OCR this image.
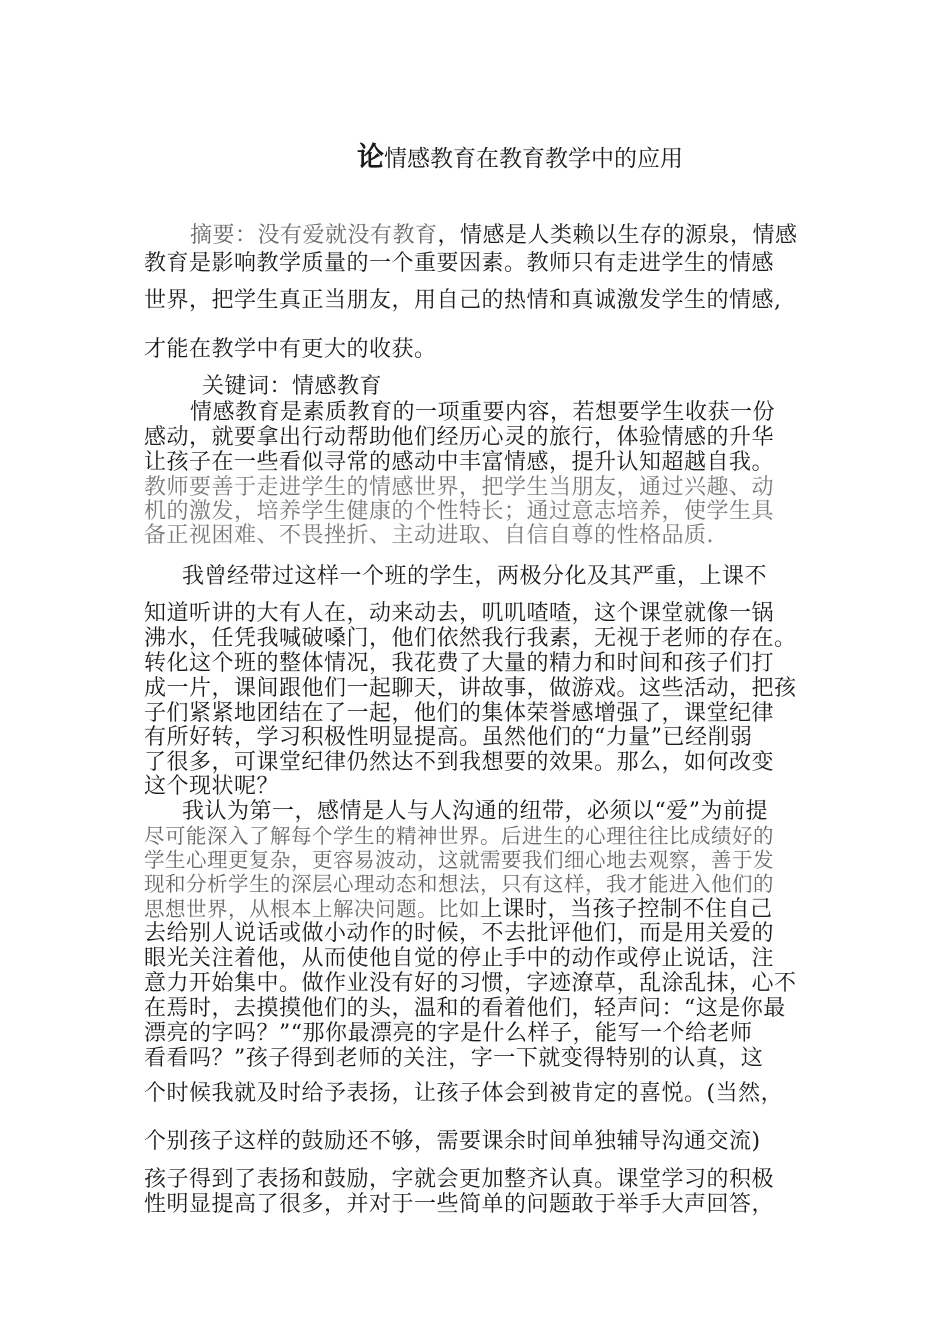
论情感教育在教育教学中的应用
摘要：没有爱就没有教育，情感是人类赖以生存的源泉，情感
教育是影响教学质量的一个重要因素。教师只有走进学生的情感
世界，把学生真正当朋友，用自己的热情和真诚激发学生的情感,
才能在教学中有更大的收获。
关键词：情感教育
情感教育是素质教育的一项重要内容，若想要学生收获一份
感动，就要拿出行动帮助他们经历心灵的旅行，体验情感的升华
让孩子在一些看似寻常的感动中丰富情感，提升认知超越自我。
教师要善于走进学生的情感世界，把学生当朋友，通过兴趣、动
机的激发，培养学生健康的个性特长；通过意志培养，使学生具
备正视困难、不畏挫折、主动进取、自信自尊的性格品质.
我曾经带过这样一个班的学生，两极分化及其严重，上课不
知道听讲的大有人在，动来动去，叽叽喳喳，这个课堂就像一锅
沸水，任凭我喊破嗓门，他们依然我行我素，无视于老师的存在。
转化这个班的整体情况，我花费了大量的精力和时间和孩子们打
成一片，课间跟他们一起聊天，讲故事，做游戏。这些活动，把孩
子们紧紧地团结在了一起，他们的集体荣誉感增强了，课堂纪律
有所好转，学习积极性明显提高。虽然他们的“力量”已经削弱
了很多，可课堂纪律仍然达不到我想要的效果。那么，如何改变
这个现状呢？
我认为第一，感情是人与人沟通的纽带，必须以“爱”为前提
尽可能深入了解每个学生的精神世界。后进生的心理往往比成绩好的
学生心理更复杂，更容易波动，这就需要我们细心地去观察，善于发
现和分析学生的深层心理动态和想法，只有这样，我才能进入他们的
思想世界，从根本上解决问题。比如上课时，当孩子控制不住自己
去给别人说话或做小动作的时候，不去批评他们，而是用关爱的
眼光关注着他，从而使他自觉的停止手中的动作或停止说话，注
意力开始集中。做作业没有好的习惯，字迹潦草，乱涂乱抹，心不
在焉时，去摸摸他们的头，温和的看着他们，轻声问：“这是你最
漂亮的字吗？”“那你最漂亮的字是什么样子，能写一个给老师
看看吗？”孩子得到老师的关注，字一下就变得特别的认真，这
个时候我就及时给予表扬，让孩子体会到被肯定的喜悦。(当然，
个别孩子这样的鼓励还不够，需要课余时间单独辅导沟通交流)
孩子得到了表扬和鼓励，字就会更加整齐认真。课堂学习的积极
性明显提高了很多，并对于一些简单的问题敢于举手大声回答，
